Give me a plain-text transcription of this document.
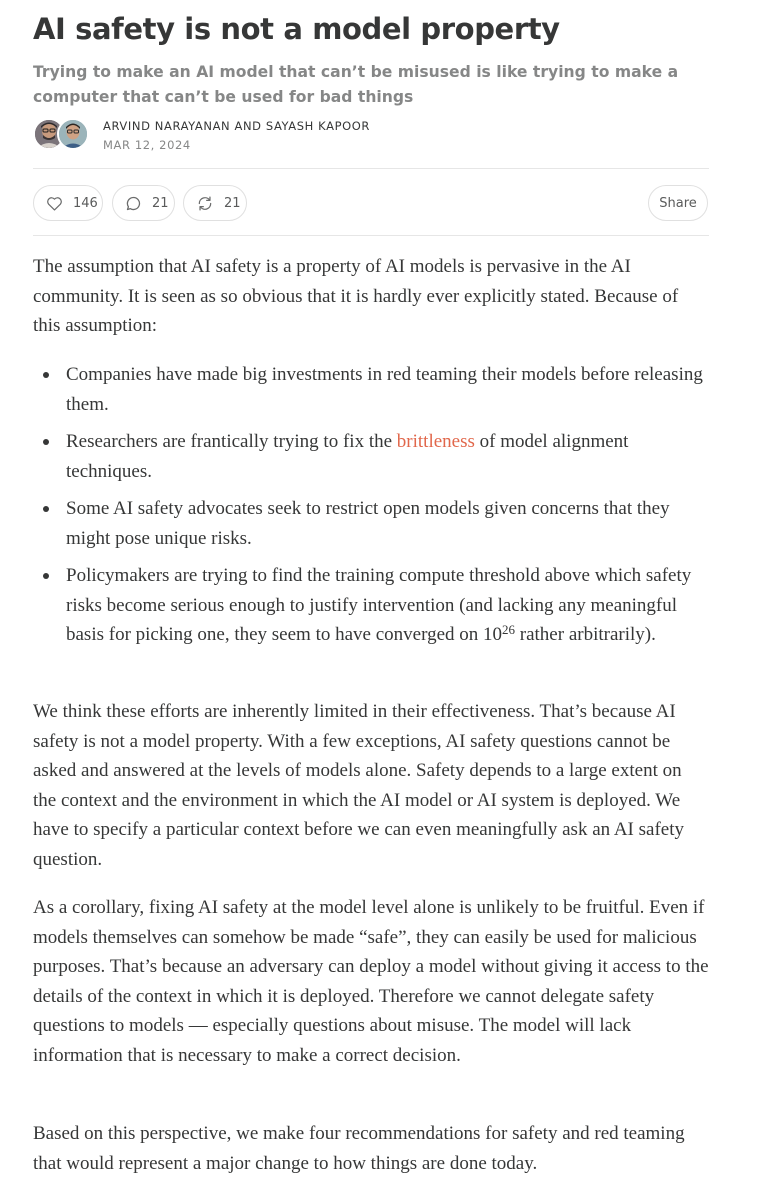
AI safety is not a model property
Trying to make an AI model that can’t be misused is like trying to make a computer that can’t be used for bad things
ARVIND NARAYANAN AND SAYASH KAPOOR
MAR 12, 2024
146	21	21	Share

The assumption that AI safety is a property of AI models is pervasive in the AI community. It is seen as so obvious that it is hardly ever explicitly stated. Because of this assumption:

Companies have made big investments in red teaming their models before releasing them.
Researchers are frantically trying to fix the brittleness of model alignment techniques.
Some AI safety advocates seek to restrict open models given concerns that they might pose unique risks.
Policymakers are trying to find the training compute threshold above which safety risks become serious enough to justify intervention (and lacking any meaningful basis for picking one, they seem to have converged on $10^{26}$ rather arbitrarily).

We think these efforts are inherently limited in their effectiveness. That’s because AI safety is not a model property. With a few exceptions, AI safety questions cannot be asked and answered at the levels of models alone. Safety depends to a large extent on the context and the environment in which the AI model or AI system is deployed. We have to specify a particular context before we can even meaningfully ask an AI safety question.

As a corollary, fixing AI safety at the model level alone is unlikely to be fruitful. Even if models themselves can somehow be made “safe”, they can easily be used for malicious purposes. That’s because an adversary can deploy a model without giving it access to the details of the context in which it is deployed. Therefore we cannot delegate safety questions to models — especially questions about misuse. The model will lack information that is necessary to make a correct decision.

Based on this perspective, we make four recommendations for safety and red teaming that would represent a major change to how things are done today.
